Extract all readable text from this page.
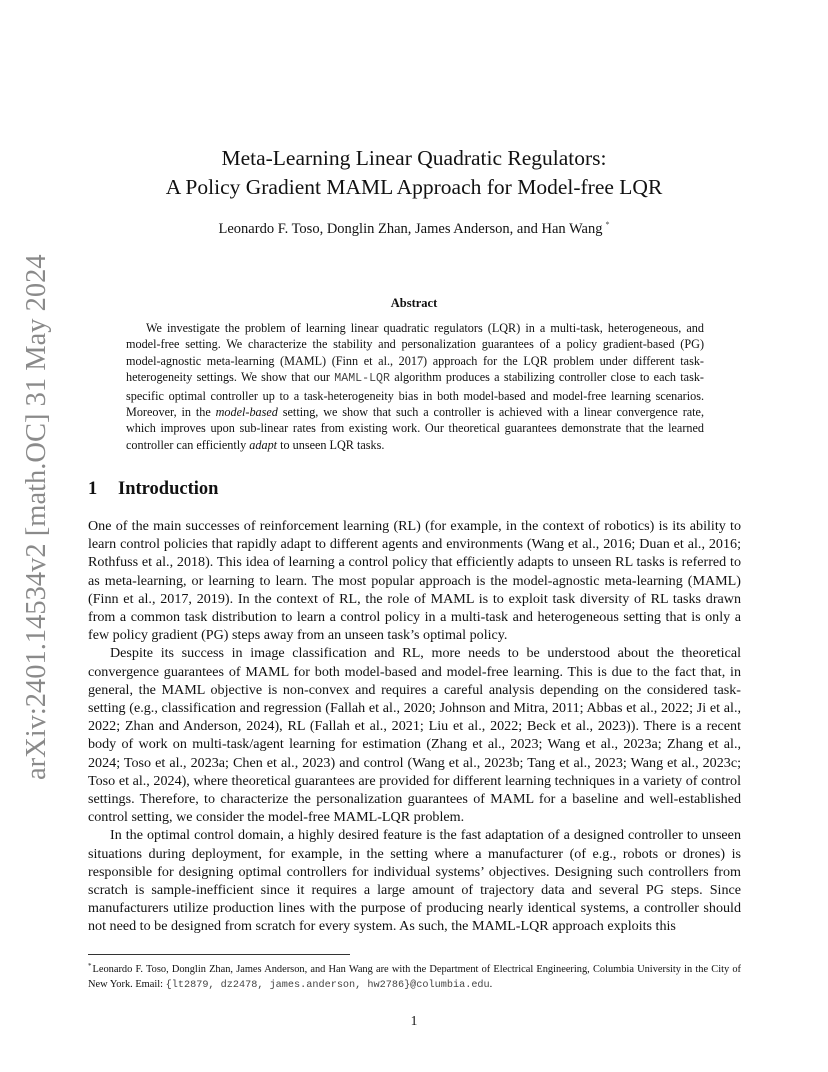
arXiv:2401.14534v2 [math.OC] 31 May 2024
Meta-Learning Linear Quadratic Regulators:
A Policy Gradient MAML Approach for Model-free LQR
Leonardo F. Toso, Donglin Zhan, James Anderson, and Han Wang *
Abstract

We investigate the problem of learning linear quadratic regulators (LQR) in a multi-task, heterogeneous, and model-free setting. We characterize the stability and personalization guarantees of a policy gradient-based (PG) model-agnostic meta-learning (MAML) (Finn et al., 2017) approach for the LQR problem under different task-heterogeneity settings. We show that our MAML-LQR algorithm produces a stabilizing controller close to each task-specific optimal controller up to a task-heterogeneity bias in both model-based and model-free learning scenarios. Moreover, in the model-based setting, we show that such a controller is achieved with a linear convergence rate, which improves upon sub-linear rates from existing work. Our theoretical guarantees demonstrate that the learned controller can efficiently adapt to unseen LQR tasks.

1 Introduction

One of the main successes of reinforcement learning (RL) (for example, in the context of robotics) is its ability to learn control policies that rapidly adapt to different agents and environments (Wang et al., 2016; Duan et al., 2016; Rothfuss et al., 2018). This idea of learning a control policy that efficiently adapts to unseen RL tasks is referred to as meta-learning, or learning to learn. The most popular approach is the model-agnostic meta-learning (MAML) (Finn et al., 2017, 2019). In the context of RL, the role of MAML is to exploit task diversity of RL tasks drawn from a common task distribution to learn a control policy in a multi-task and heterogeneous setting that is only a few policy gradient (PG) steps away from an unseen task’s optimal policy.

Despite its success in image classification and RL, more needs to be understood about the theoretical convergence guarantees of MAML for both model-based and model-free learning. This is due to the fact that, in general, the MAML objective is non-convex and requires a careful analysis depending on the considered task-setting (e.g., classification and regression (Fallah et al., 2020; Johnson and Mitra, 2011; Abbas et al., 2022; Ji et al., 2022; Zhan and Anderson, 2024), RL (Fallah et al., 2021; Liu et al., 2022; Beck et al., 2023)). There is a recent body of work on multi-task/agent learning for estimation (Zhang et al., 2023; Wang et al., 2023a; Zhang et al., 2024; Toso et al., 2023a; Chen et al., 2023) and control (Wang et al., 2023b; Tang et al., 2023; Wang et al., 2023c; Toso et al., 2024), where theoretical guarantees are provided for different learning techniques in a variety of control settings. Therefore, to characterize the personalization guarantees of MAML for a baseline and well-established control setting, we consider the model-free MAML-LQR problem.

In the optimal control domain, a highly desired feature is the fast adaptation of a designed controller to unseen situations during deployment, for example, in the setting where a manufacturer (of e.g., robots or drones) is responsible for designing optimal controllers for individual systems’ objectives. Designing such controllers from scratch is sample-inefficient since it requires a large amount of trajectory data and several PG steps. Since manufacturers utilize production lines with the purpose of producing nearly identical systems, a controller should not need to be designed from scratch for every system. As such, the MAML-LQR approach exploits this

*Leonardo F. Toso, Donglin Zhan, James Anderson, and Han Wang are with the Department of Electrical Engineering, Columbia University in the City of New York. Email: {lt2879, dz2478, james.anderson, hw2786}@columbia.edu.
1
